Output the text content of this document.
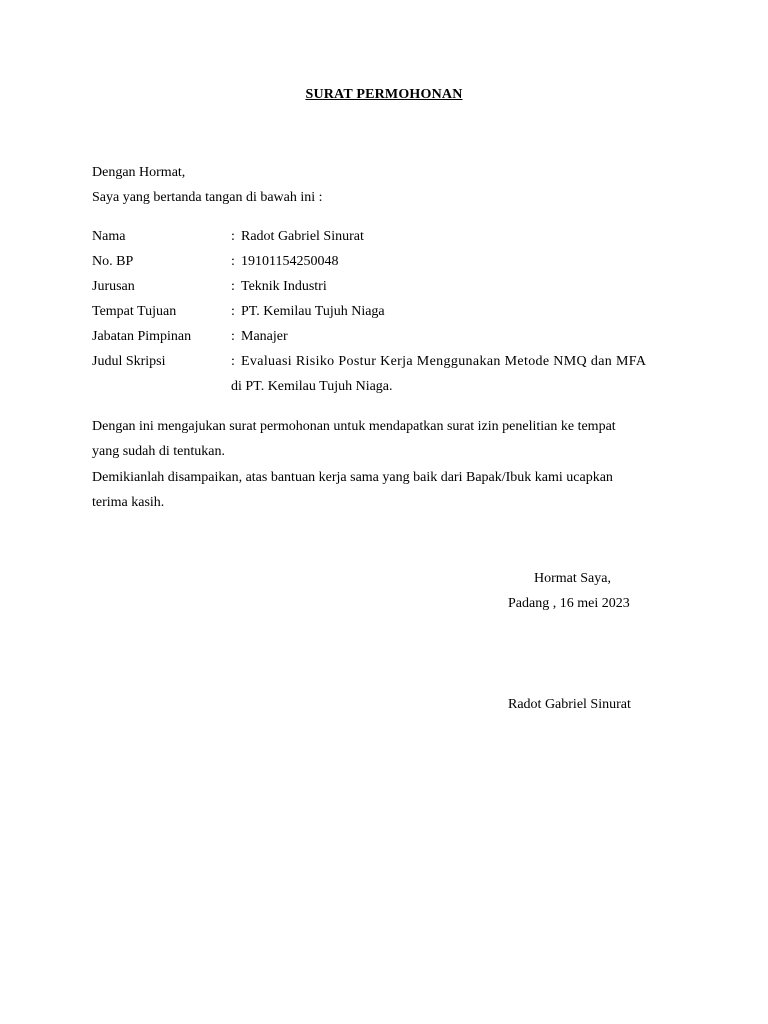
SURAT PERMOHONAN
Dengan Hormat,
Saya yang bertanda tangan di bawah ini :
Nama	: Radot Gabriel Sinurat
No. BP	: 19101154250048
Jurusan	: Teknik Industri
Tempat Tujuan	: PT. Kemilau Tujuh Niaga
Jabatan Pimpinan	: Manajer
Judul Skripsi	: Evaluasi Risiko Postur Kerja Menggunakan Metode NMQ dan MFA
di PT. Kemilau Tujuh Niaga.
Dengan ini mengajukan surat permohonan untuk mendapatkan surat izin penelitian ke tempat
yang sudah di tentukan.
Demikianlah disampaikan, atas bantuan kerja sama yang baik dari Bapak/Ibuk kami ucapkan
terima kasih.
Hormat Saya,
Padang , 16 mei 2023
Radot Gabriel Sinurat
